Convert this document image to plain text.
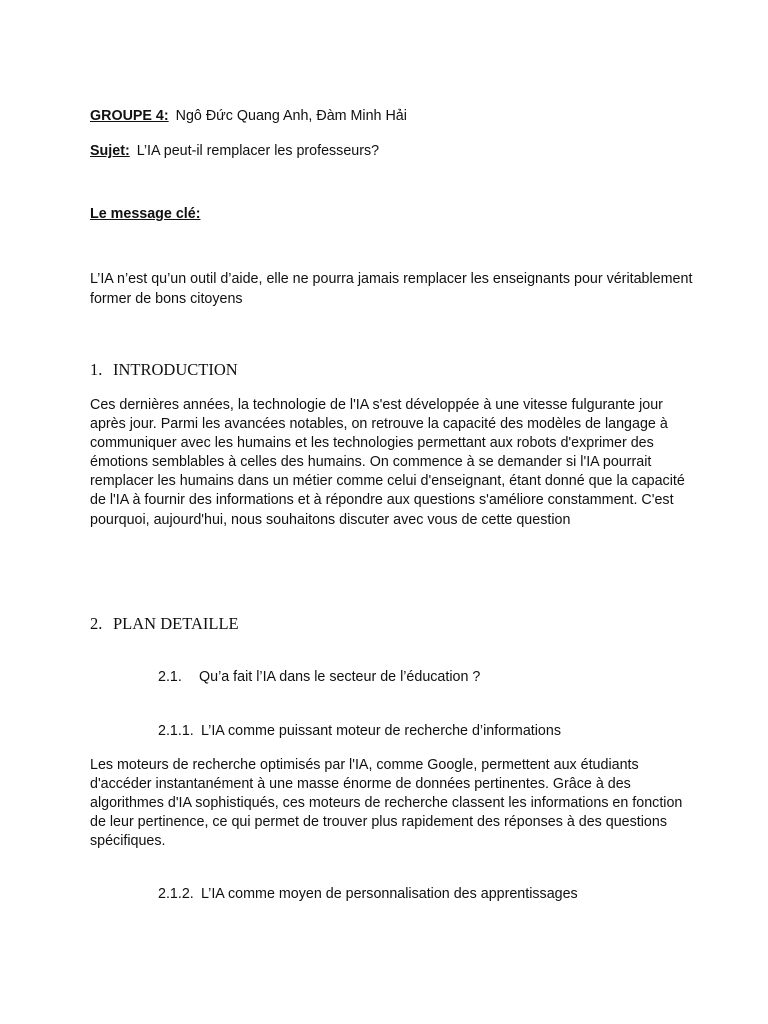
GROUPE 4: Ngô Đức Quang Anh, Đàm Minh Hải
Sujet: L’IA peut-il remplacer les professeurs?
Le message clé:

L’IA n’est qu’un outil d’aide, elle ne pourra jamais remplacer les enseignants pour véritablement

former de bons citoyens

1. INTRODUCTION

Ces dernières années, la technologie de l'IA s'est développée à une vitesse fulgurante jour

après jour. Parmi les avancées notables, on retrouve la capacité des modèles de langage à

communiquer avec les humains et les technologies permettant aux robots d'exprimer des

émotions semblables à celles des humains. On commence à se demander si l'IA pourrait

remplacer les humains dans un métier comme celui d'enseignant, étant donné que la capacité

de l'IA à fournir des informations et à répondre aux questions s'améliore constamment. C'est

pourquoi, aujourd'hui, nous souhaitons discuter avec vous de cette question

2. PLAN DETAILLE
2.1. Qu’a fait l’IA dans le secteur de l’éducation ?
2.1.1. L’IA comme puissant moteur de recherche d’informations

Les moteurs de recherche optimisés par l'IA, comme Google, permettent aux étudiants

d'accéder instantanément à une masse énorme de données pertinentes. Grâce à des

algorithmes d'IA sophistiqués, ces moteurs de recherche classent les informations en fonction

de leur pertinence, ce qui permet de trouver plus rapidement des réponses à des questions

spécifiques.

2.1.2. L’IA comme moyen de personnalisation des apprentissages
